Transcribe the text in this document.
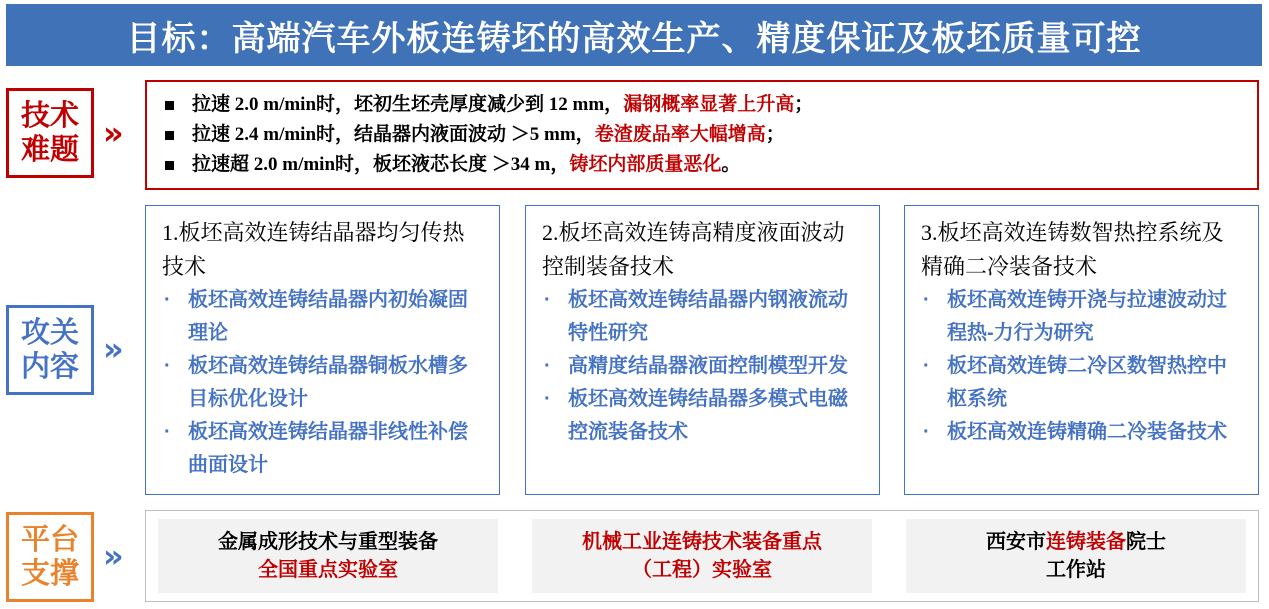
目标：高端汽车外板连铸坯的高效生产、精度保证及板坯质量可控
技术
难题 »
拉速 2.0 m/min时，坯初生坯壳厚度减少到 12 mm，漏钢概率显著上升高；
拉速 2.4 m/min时，结晶器内液面波动 ＞5 mm，卷渣废品率大幅增高；
拉速超 2.0 m/min时，板坯液芯长度 ＞34 m，铸坯内部质量恶化。
攻关
内容 »
1.板坯高效连铸结晶器均匀传热技术
· 板坯高效连铸结晶器内初始凝固理论
· 板坯高效连铸结晶器铜板水槽多目标优化设计
· 板坯高效连铸结晶器非线性补偿曲面设计
2.板坯高效连铸高精度液面波动控制装备技术
· 板坯高效连铸结晶器内钢液流动特性研究
· 高精度结晶器液面控制模型开发
· 板坯高效连铸结晶器多模式电磁控流装备技术
3.板坯高效连铸数智热控系统及精确二冷装备技术
· 板坯高效连铸开浇与拉速波动过程热-力行为研究
· 板坯高效连铸二冷区数智热控中枢系统
· 板坯高效连铸精确二冷装备技术
平台
支撑 »	金属成形技术与重型装备
全国重点实验室
机械工业连铸技术装备重点
（工程）实验室
西安市连铸装备院士
工作站
